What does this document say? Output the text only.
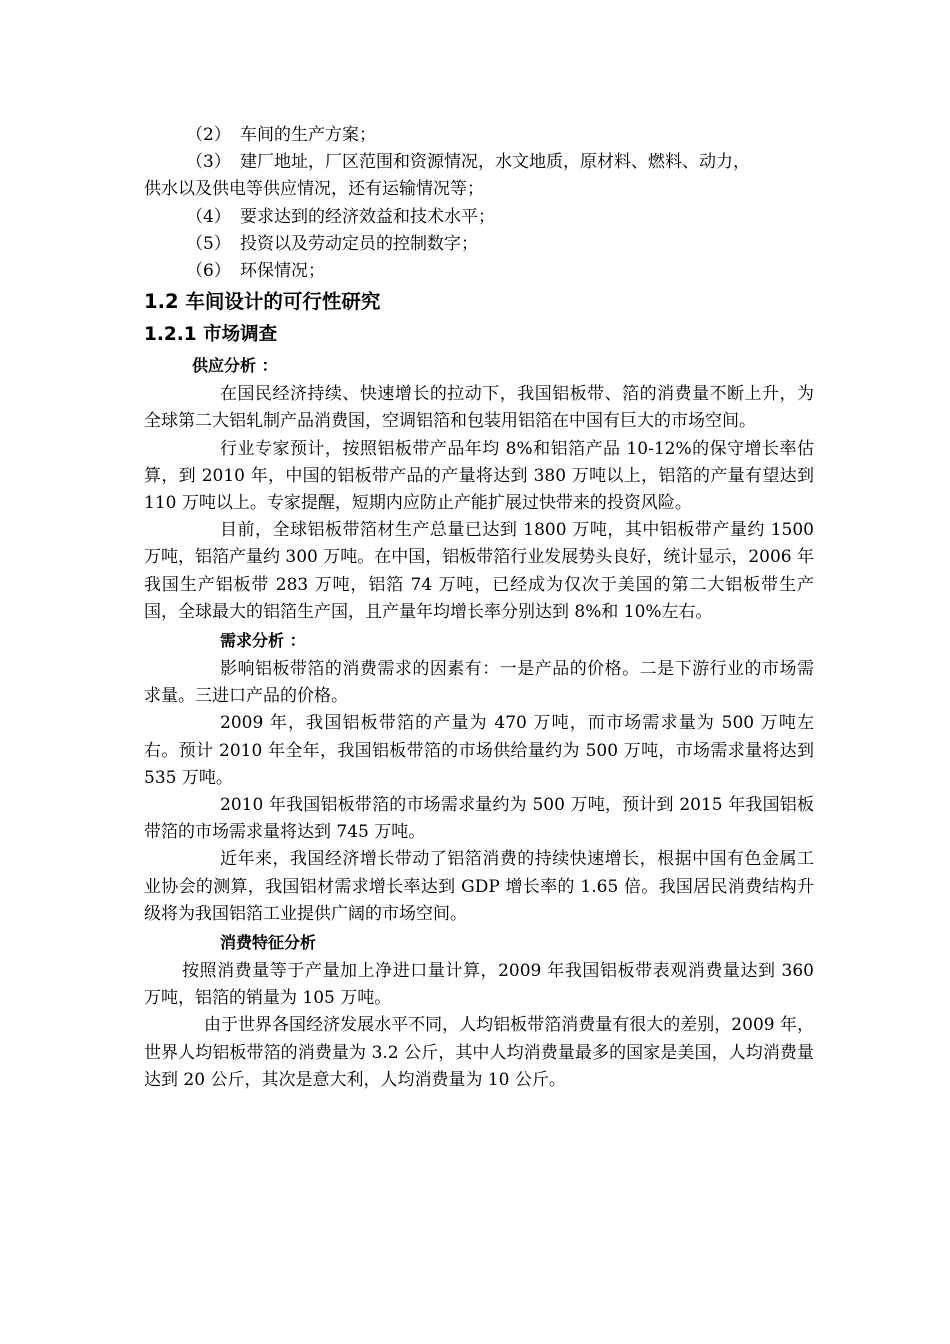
（2） 车间的生产方案；

（3） 建厂地址，厂区范围和资源情况，水文地质，原材料、燃料、动力，

供水以及供电等供应情况，还有运输情况等；

（4） 要求达到的经济效益和技术水平；

（5） 投资以及劳动定员的控制数字；

（6） 环保情况；

1.2 车间设计的可行性研究
1.2.1 市场调查

供应分析 ：

在国民经济持续、快速增长的拉动下，我国铝板带、箔的消费量不断上升，为全球第二大铝轧制产品消费国，空调铝箔和包装用铝箔在中国有巨大的市场空间。

行业专家预计，按照铝板带产品年均 8%和铝箔产品 10-12%的保守增长率估算，到 2010 年，中国的铝板带产品的产量将达到 380 万吨以上，铝箔的产量有望达到 110 万吨以上。专家提醒，短期内应防止产能扩展过快带来的投资风险。

目前，全球铝板带箔材生产总量已达到 1800 万吨，其中铝板带产量约 1500 万吨，铝箔产量约 300 万吨。在中国，铝板带箔行业发展势头良好，统计显示，2006 年我国生产铝板带 283 万吨，铝箔 74 万吨，已经成为仅次于美国的第二大铝板带生产国，全球最大的铝箔生产国，且产量年均增长率分别达到 8%和 10%左右。

需求分析 ：

影响铝板带箔的消费需求的因素有：一是产品的价格。二是下游行业的市场需求量。三进口产品的价格。

2009 年，我国铝板带箔的产量为 470 万吨，而市场需求量为 500 万吨左右。预计 2010 年全年，我国铝板带箔的市场供给量约为 500 万吨，市场需求量将达到 535 万吨。

2010 年我国铝板带箔的市场需求量约为 500 万吨，预计到 2015 年我国铝板带箔的市场需求量将达到 745 万吨。

近年来，我国经济增长带动了铝箔消费的持续快速增长，根据中国有色金属工业协会的测算，我国铝材需求增长率达到 GDP 增长率的 1.65 倍。我国居民消费结构升级将为我国铝箔工业提供广阔的市场空间。

消费特征分析

按照消费量等于产量加上净进口量计算，2009 年我国铝板带表观消费量达到 360 万吨，铝箔的销量为 105 万吨。

由于世界各国经济发展水平不同，人均铝板带箔消费量有很大的差别，2009 年，世界人均铝板带箔的消费量为 3.2 公斤，其中人均消费量最多的国家是美国，人均消费量达到 20 公斤，其次是意大利，人均消费量为 10 公斤。
